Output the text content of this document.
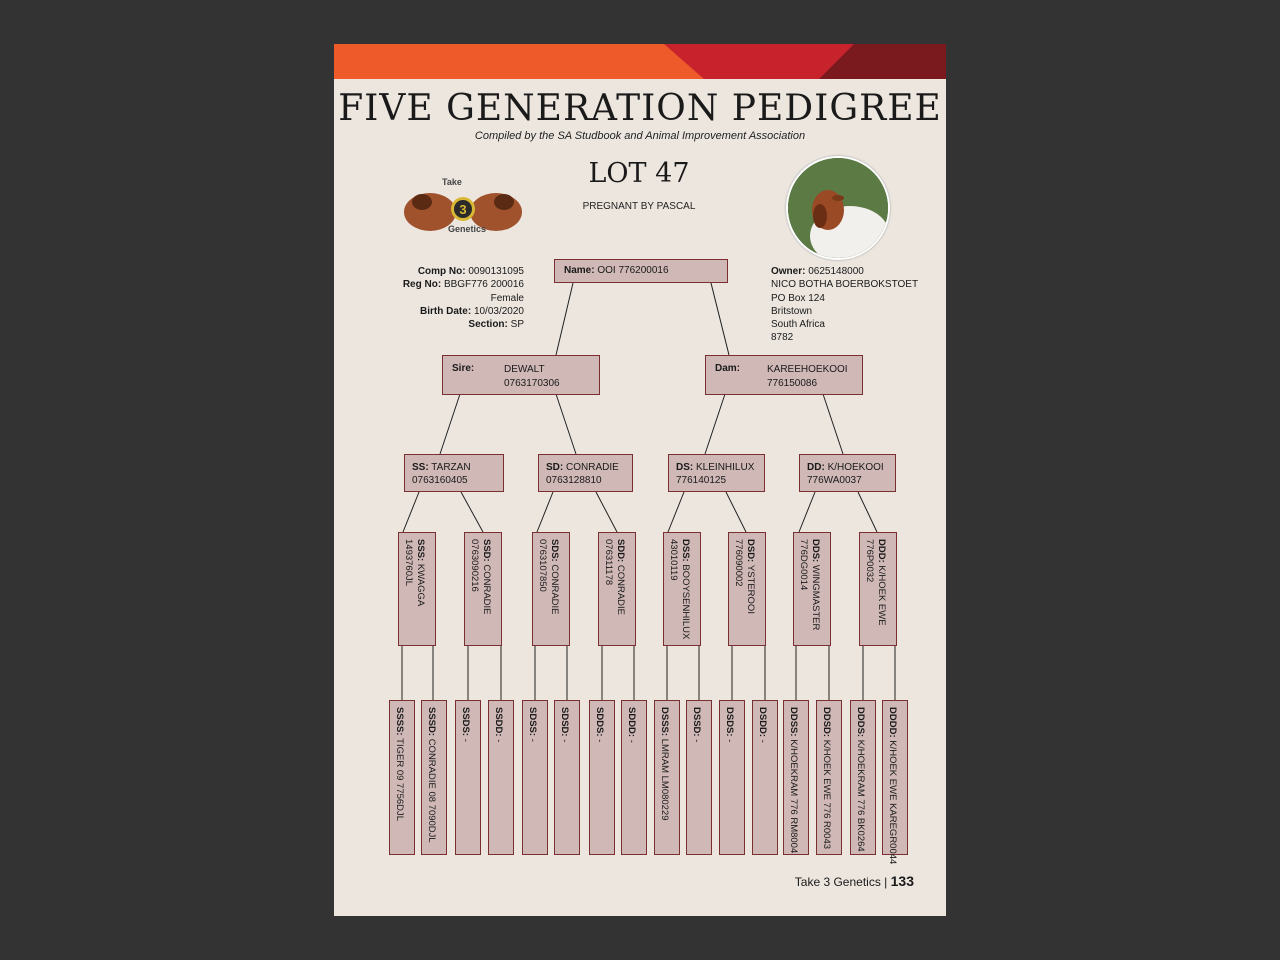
FIVE GENERATION PEDIGREE
Compiled by the SA Studbook and Animal Improvement Association
LOT 47
PREGNANT BY PASCAL
3
Take
Genetics
Comp No: 0090131095
Reg No: BBGF776 200016
Female
Birth Date: 10/03/2020
Section: SP
Owner: 0625148000
NICO BOTHA BOERBOKSTOET
PO Box 124
Britstown
South Africa
8782
Name: OOI 776200016
Sire:	DEWALT
0763170306
Dam:	KAREEHOEKOOI
776150086
SS: TARZAN
0763160405
SD: CONRADIE
0763128810
DS: KLEINHILUX
776140125
DD: K/HOEKOOI
776WA0037
SSS: KWAGGA
1493760JL	SSD: CONRADIE
0763090216	SDS: CONRADIE
0763107850	SDD: CONRADIE
076311178	DSS: BOOYSENHILUX
43010119	DSD: YSTEROOI
776090002	DDS: WINGMASTER
776DG0014	DDD: K/HOEK EWE
776P0032
SSSS: TIGER 09 7756DJL
SSSD: CONRADIE 08 7090DJL
SSDS: -
SSDD: -
SDSS: -
SDSD: -
SDDS: -
SDDD: -
DSSS: LMRAM LM080229
DSSD: -
DSDS: -
DSDD: -
DDSS: K/HOEKRAM 776 RM8004
DDSD: K/HOEK EWE 776 R0043
DDDS: K/HOEKRAM 776 BK0264
DDDD: K/HOEK EWE KAREGR0044
Take 3 Genetics | 133
